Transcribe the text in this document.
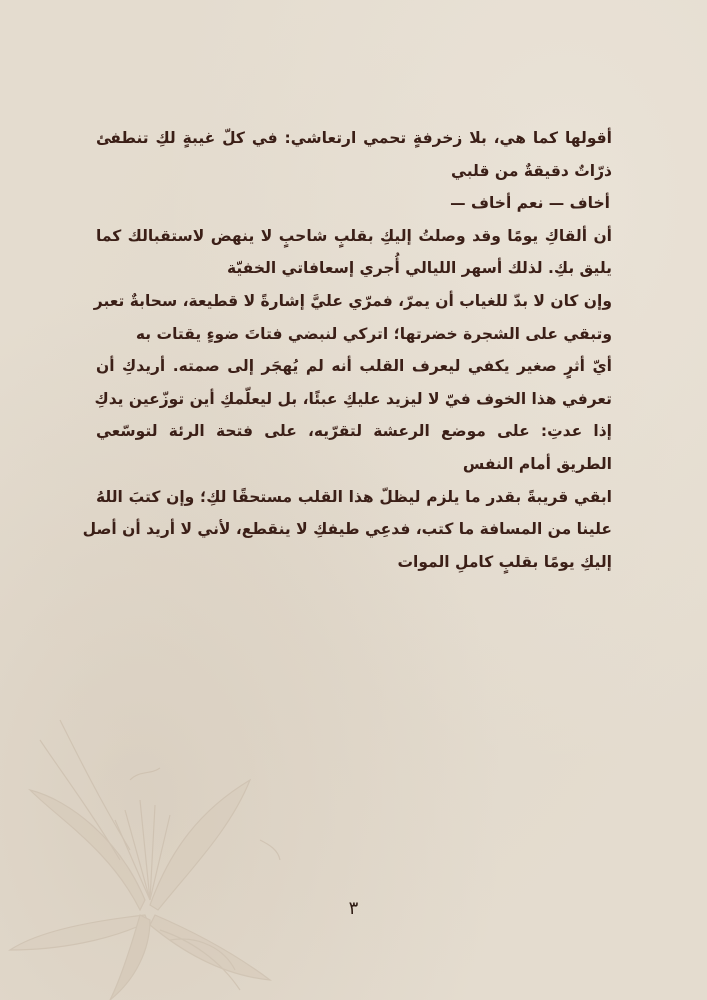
أقولها كما هي، بلا زخرفةٍ تحمي ارتعاشي: في كلّ غيبةٍ لكِ تنطفئ
ذرّاتٌ دقيقةٌ من قلبي
أخاف — نعم أخاف —
أن ألقاكِ يومًا وقد وصلتُ إليكِ بقلبٍ شاحبٍ لا ينهض لاستقبالك كما
يليق بكِ. لذلك أسهر الليالي أُجري إسعافاتي الخفيّة
وإن كان لا بدّ للغياب أن يمرّ، فمرّي عليَّ إشارةً لا قطيعة، سحابةٌ تعبر
وتبقي على الشجرة خضرتها؛ اتركي لنبضي فتاتَ ضوءٍ يقتات به
أيّ أثرٍ صغير يكفي ليعرف القلب أنه لم يُهجَر إلى صمته. أريدكِ أن
تعرفي هذا الخوف فيّ لا ليزيد عليكِ عبئًا، بل ليعلّمكِ أين توزّعين يدكِ
إذا عدتِ: على موضع الرعشة لتقرّيه، على فتحة الرئة لتوسّعي
الطريق أمام النفس
ابقي قريبةً بقدر ما يلزم ليظلّ هذا القلب مستحقًا لكِ؛ وإن كتبَ اللهُ
علينا من المسافة ما كتب، فدعِي طيفكِ لا ينقطع، لأني لا أريد أن أصل
إليكِ يومًا بقلبٍ كاملِ الموات
٣
